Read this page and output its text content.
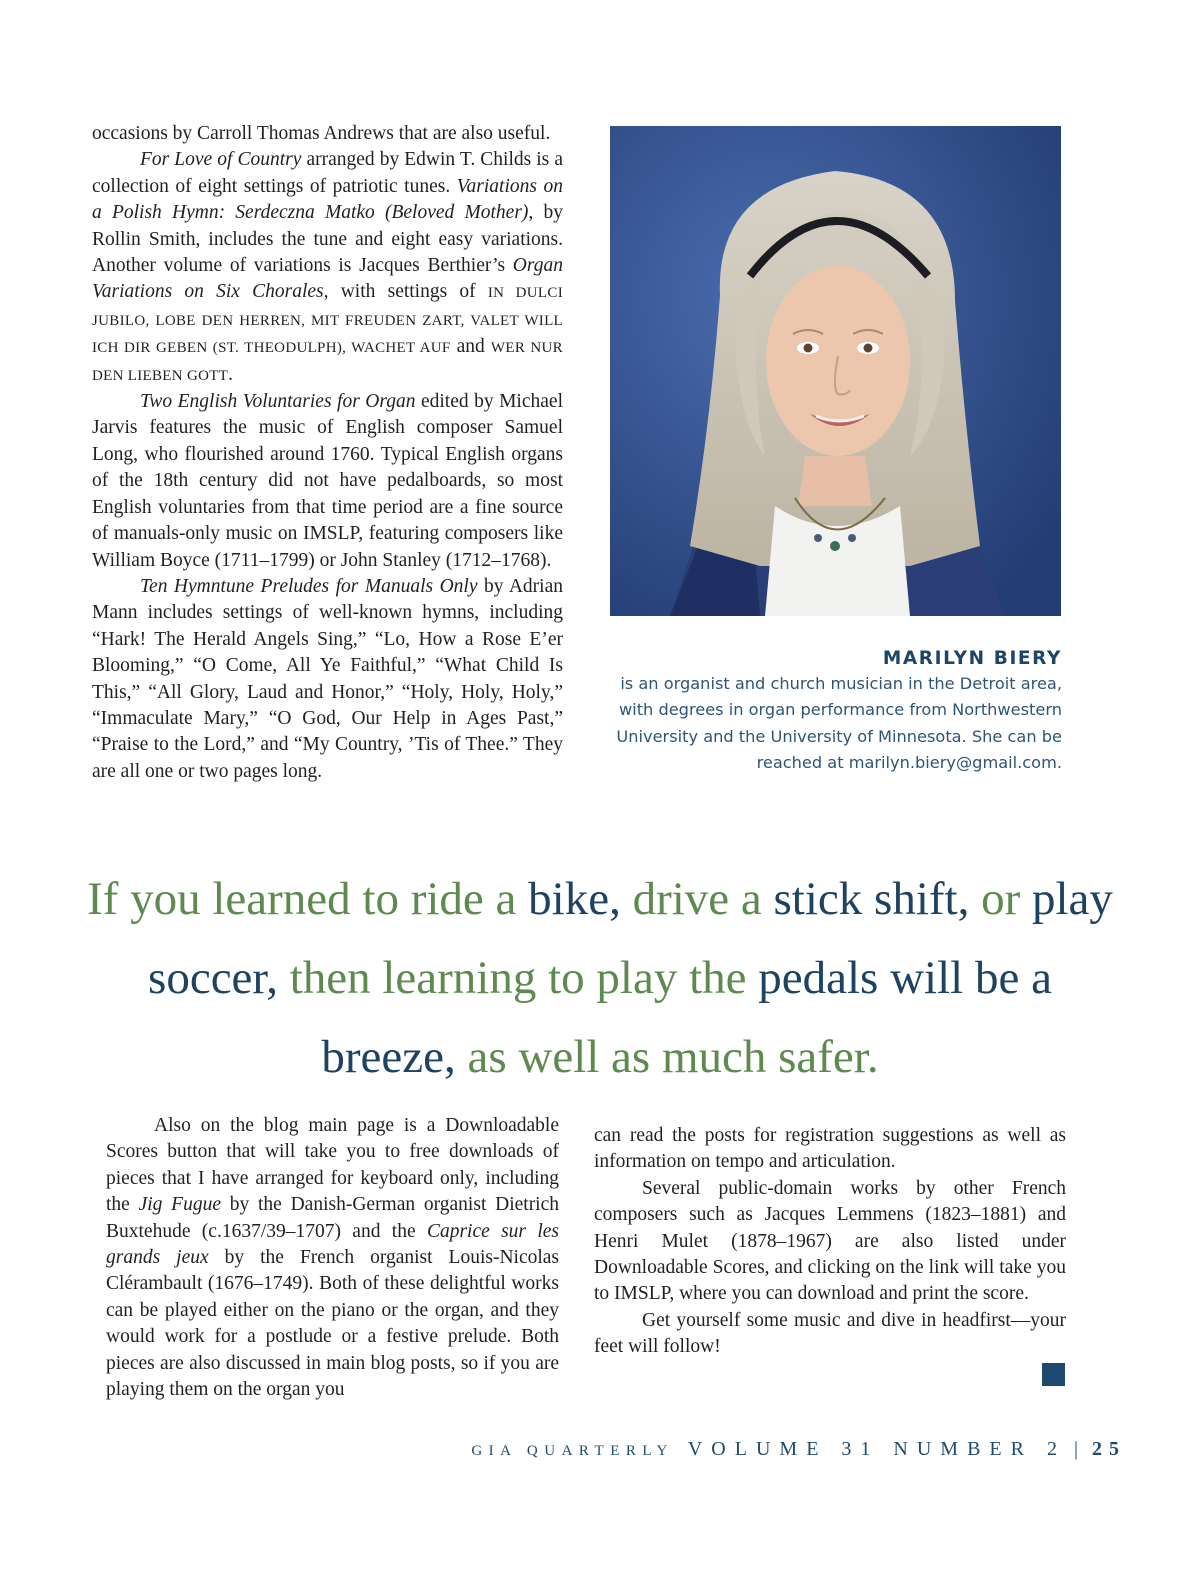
occasions by Carroll Thomas Andrews that are also useful.

For Love of Country arranged by Edwin T. Childs is a collection of eight settings of patriotic tunes. Variations on a Polish Hymn: Serdeczna Matko (Beloved Mother), by Rollin Smith, includes the tune and eight easy variations. Another volume of variations is Jacques Berthier’s Organ Variations on Six Chorales, with settings of IN DULCI JUBILO, LOBE DEN HERREN, MIT FREUDEN ZART, VALET WILL ICH DIR GEBEN (ST. THEODULPH), WACHET AUF and WER NUR DEN LIEBEN GOTT.

Two English Voluntaries for Organ edited by Michael Jarvis features the music of English composer Samuel Long, who flourished around 1760. Typical English organs of the 18th century did not have pedalboards, so most English voluntaries from that time period are a fine source of manuals-only music on IMSLP, featuring composers like William Boyce (1711–1799) or John Stanley (1712–1768).

Ten Hymntune Preludes for Manuals Only by Adrian Mann includes settings of well-known hymns, including “Hark! The Herald Angels Sing,” “Lo, How a Rose E’er Blooming,” “O Come, All Ye Faithful,” “What Child Is This,” “All Glory, Laud and Honor,” “Holy, Holy, Holy,” “Immaculate Mary,” “O God, Our Help in Ages Past,” “Praise to the Lord,” and “My Country, ’Tis of Thee.” They are all one or two pages long.

MARILYN BIERY

is an organist and church musician in the Detroit area, with degrees in organ performance from Northwestern University and the University of Minnesota. She can be reached at marilyn.biery@gmail.com.

If you learned to ride a bike, drive a stick shift, or play soccer, then learning to play the pedals will be a breeze, as well as much safer.

Also on the blog main page is a Downloadable Scores button that will take you to free downloads of pieces that I have arranged for keyboard only, including the Jig Fugue by the Danish-German organist Dietrich Buxtehude (c.1637/39–1707) and the Caprice sur les grands jeux by the French organist Louis-Nicolas Clérambault (1676–1749). Both of these delightful works can be played either on the piano or the organ, and they would work for a postlude or a festive prelude. Both pieces are also discussed in main blog posts, so if you are playing them on the organ you

can read the posts for registration suggestions as well as information on tempo and articulation.

Several public-domain works by other French composers such as Jacques Lemmens (1823–1881) and Henri Mulet (1878–1967) are also listed under Downloadable Scores, and clicking on the link will take you to IMSLP, where you can download and print the score.

Get yourself some music and dive in headfirst—your feet will follow!

GIA QUARTERLY VOLUME 31 NUMBER 2 | 25
